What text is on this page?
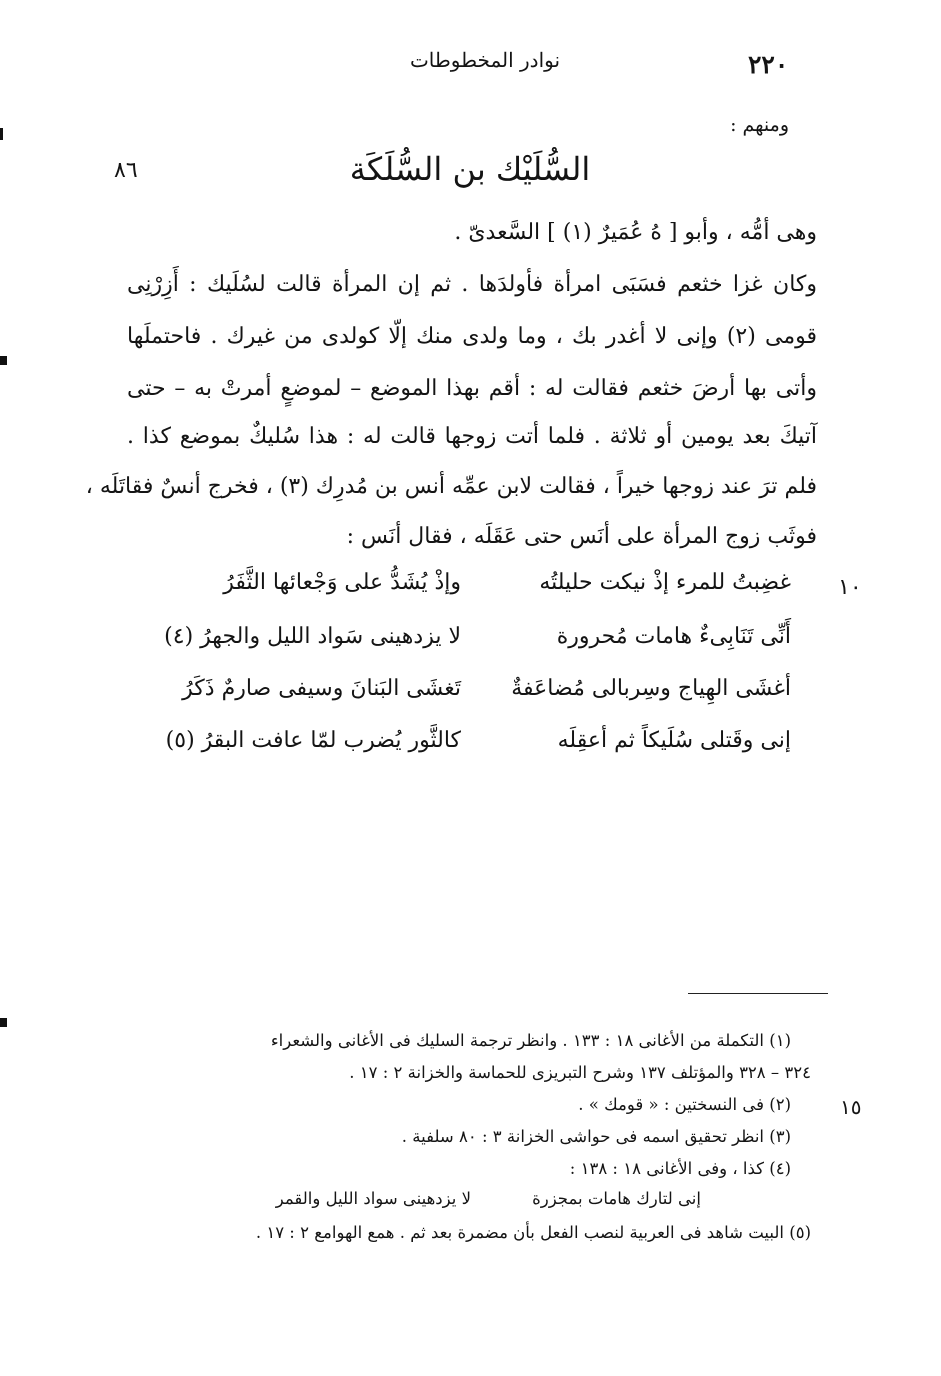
٢٢٠
نوادر المخطوطات
ومنهم :
السُّلَيْك بن السُّلَكَة
٨٦
وهى أمُّه ، وأبو [ هُ عُمَيرٌ (١) ] السَّعدىّ .
وكان غزا خثعم فسَبَى امرأة فأولدَها . ثم إن المرأة قالت لسُلَيك : أَزِرْنِى
قومى (٢) وإنى لا أغدر بك ، وما ولدى منك إلّا كولدى من غيرك . فاحتملَها
وأتى بها أرضَ خثعم فقالت له : أقم بهذا الموضع – لموضعٍ أمرتْ به – حتى
آتيكَ بعد يومين أو ثلاثة . فلما أتت زوجها قالت له : هذا سُليكٌ بموضع كذا .
فلم ترَ عند زوجها خيراً ، فقالت لابن عمِّه أنس بن مُدرِك (٣) ، فخرج أنسٌ فقاتَلَه ،
فوثَب زوج المرأة على أنَس حتى عَقَلَه ، فقال أنَس :
١٠
غضِبتُ للمرء إذْ نيكت حليلتُه
وإذْ يُشَدُّ على وَجْعائها الثَّفَرُ
أَنِّى تَنَابِىءٌ هامات مُحرورة
لا يزدهينى سَواد الليل والجهرُ (٤)
أغشَى الهِياج وسِربالى مُضاعَفةٌ
تَغشَى البَنانَ وسيفى صارمٌ ذَكَرُ
إنى وقَتلى سُلَيكاً ثم أعقِلَه
كالثَّور يُضرب لمّا عافت البقرُ (٥)
(١) التكملة من الأغانى ١٨ : ١٣٣ . وانظر ترجمة السليك فى الأغانى والشعراء
٣٢٤ – ٣٢٨ والمؤتلف ١٣٧ وشرح التبريزى للحماسة والخزانة ٢ : ١٧ .
(٢) فى النسختين : « قومك » .
(٣) انظر تحقيق اسمه فى حواشى الخزانة ٣ : ٨٠ سلفية .
(٤) كذا ، وفى الأغانى ١٨ : ١٣٨ :
إنى لتارك هامات بمجزرة
لا يزدهينى سواد الليل والقمر
(٥) البيت شاهد فى العربية لنصب الفعل بأن مضمرة بعد ثم . همع الهوامع ٢ : ١٧ .
١٥
